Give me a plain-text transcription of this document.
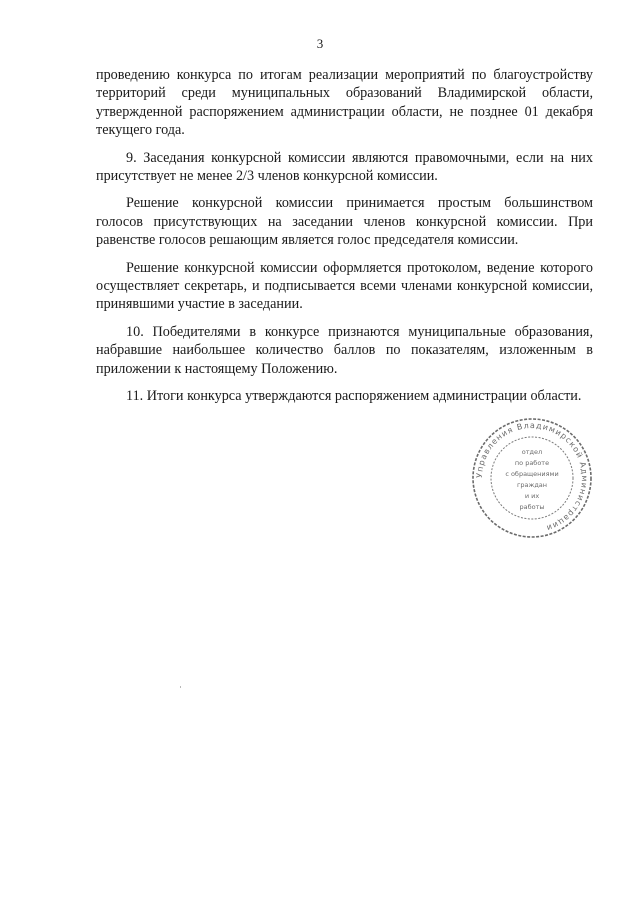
3

проведению конкурса по итогам реализации мероприятий по благоустройству территорий среди муниципальных образований Владимирской области, утвержденной распоряжением администрации области, не позднее 01 декабря текущего года.

9. Заседания конкурсной комиссии являются правомочными, если на них присутствует не менее 2/3 членов конкурсной комиссии.

Решение конкурсной комиссии принимается простым большинством голосов присутствующих на заседании членов конкурсной комиссии. При равенстве голосов решающим является голос председателя комиссии.

Решение конкурсной комиссии оформляется протоколом, ведение которого осуществляет секретарь, и подписывается всеми членами конкурсной комиссии, принявшими участие в заседании.

10. Победителями в конкурсе признаются муниципальные образования, набравшие наибольшее количество баллов по показателям, изложенным в приложении к настоящему Положению.

11. Итоги конкурса утверждаются распоряжением администрации области.

Управления Владимирской Администрации
отдел
по работе
с обращениями
граждан
и их
работы
